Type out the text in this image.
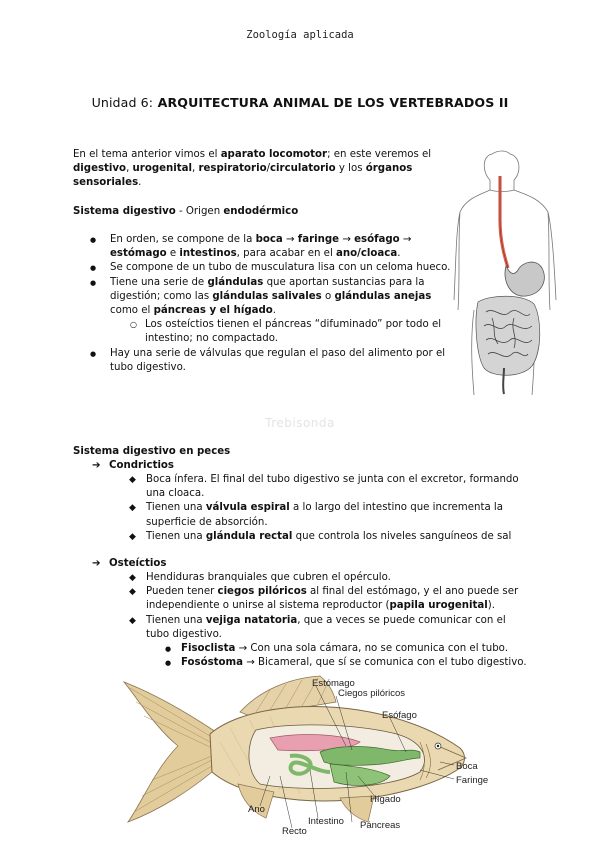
Zoología aplicada
Unidad 6: ARQUITECTURA ANIMAL DE LOS VERTEBRADOS II

En el tema anterior vimos el aparato locomotor; en este veremos el digestivo, urogenital, respiratorio/circulatorio y los órganos sensoriales.

Sistema digestivo - Origen endodérmico

● En orden, se compone de la boca → faringe → esófago → estómago e intestinos, para acabar en el ano/cloaca.
● Se compone de un tubo de musculatura lisa con un celoma hueco.
● Tiene una serie de glándulas que aportan sustancias para la digestión; como las glándulas salivales o glándulas anejas como el páncreas y el hígado.
○ Los osteíctios tienen el páncreas “difuminado” por todo el intestino; no compactado.
● Hay una serie de válvulas que regulan el paso del alimento por el tubo digestivo.
Trebisonda

Sistema digestivo en peces

➔ Condrictios

◆ Boca ínfera. El final del tubo digestivo se junta con el excretor, formando una cloaca.
◆ Tienen una válvula espiral a lo largo del intestino que incrementa la superficie de absorción.
◆ Tienen una glándula rectal que controla los niveles sanguíneos de sal

➔ Osteíctios

◆ Hendiduras branquiales que cubren el opérculo.
◆ Pueden tener ciegos pilóricos al final del estómago, y el ano puede ser independiente o unirse al sistema reproductor (papila urogenital).
◆ Tienen una vejiga natatoria, que a veces se puede comunicar con el tubo digestivo.
● Fisoclista → Con una sola cámara, no se comunica con el tubo.
● Fosóstoma → Bicameral, que sí se comunica con el tubo digestivo.
Estómago
Ciegos pilóricos
Esófago
Boca
Faringe
Hígado
Ano
Intestino Páncreas
Recto
